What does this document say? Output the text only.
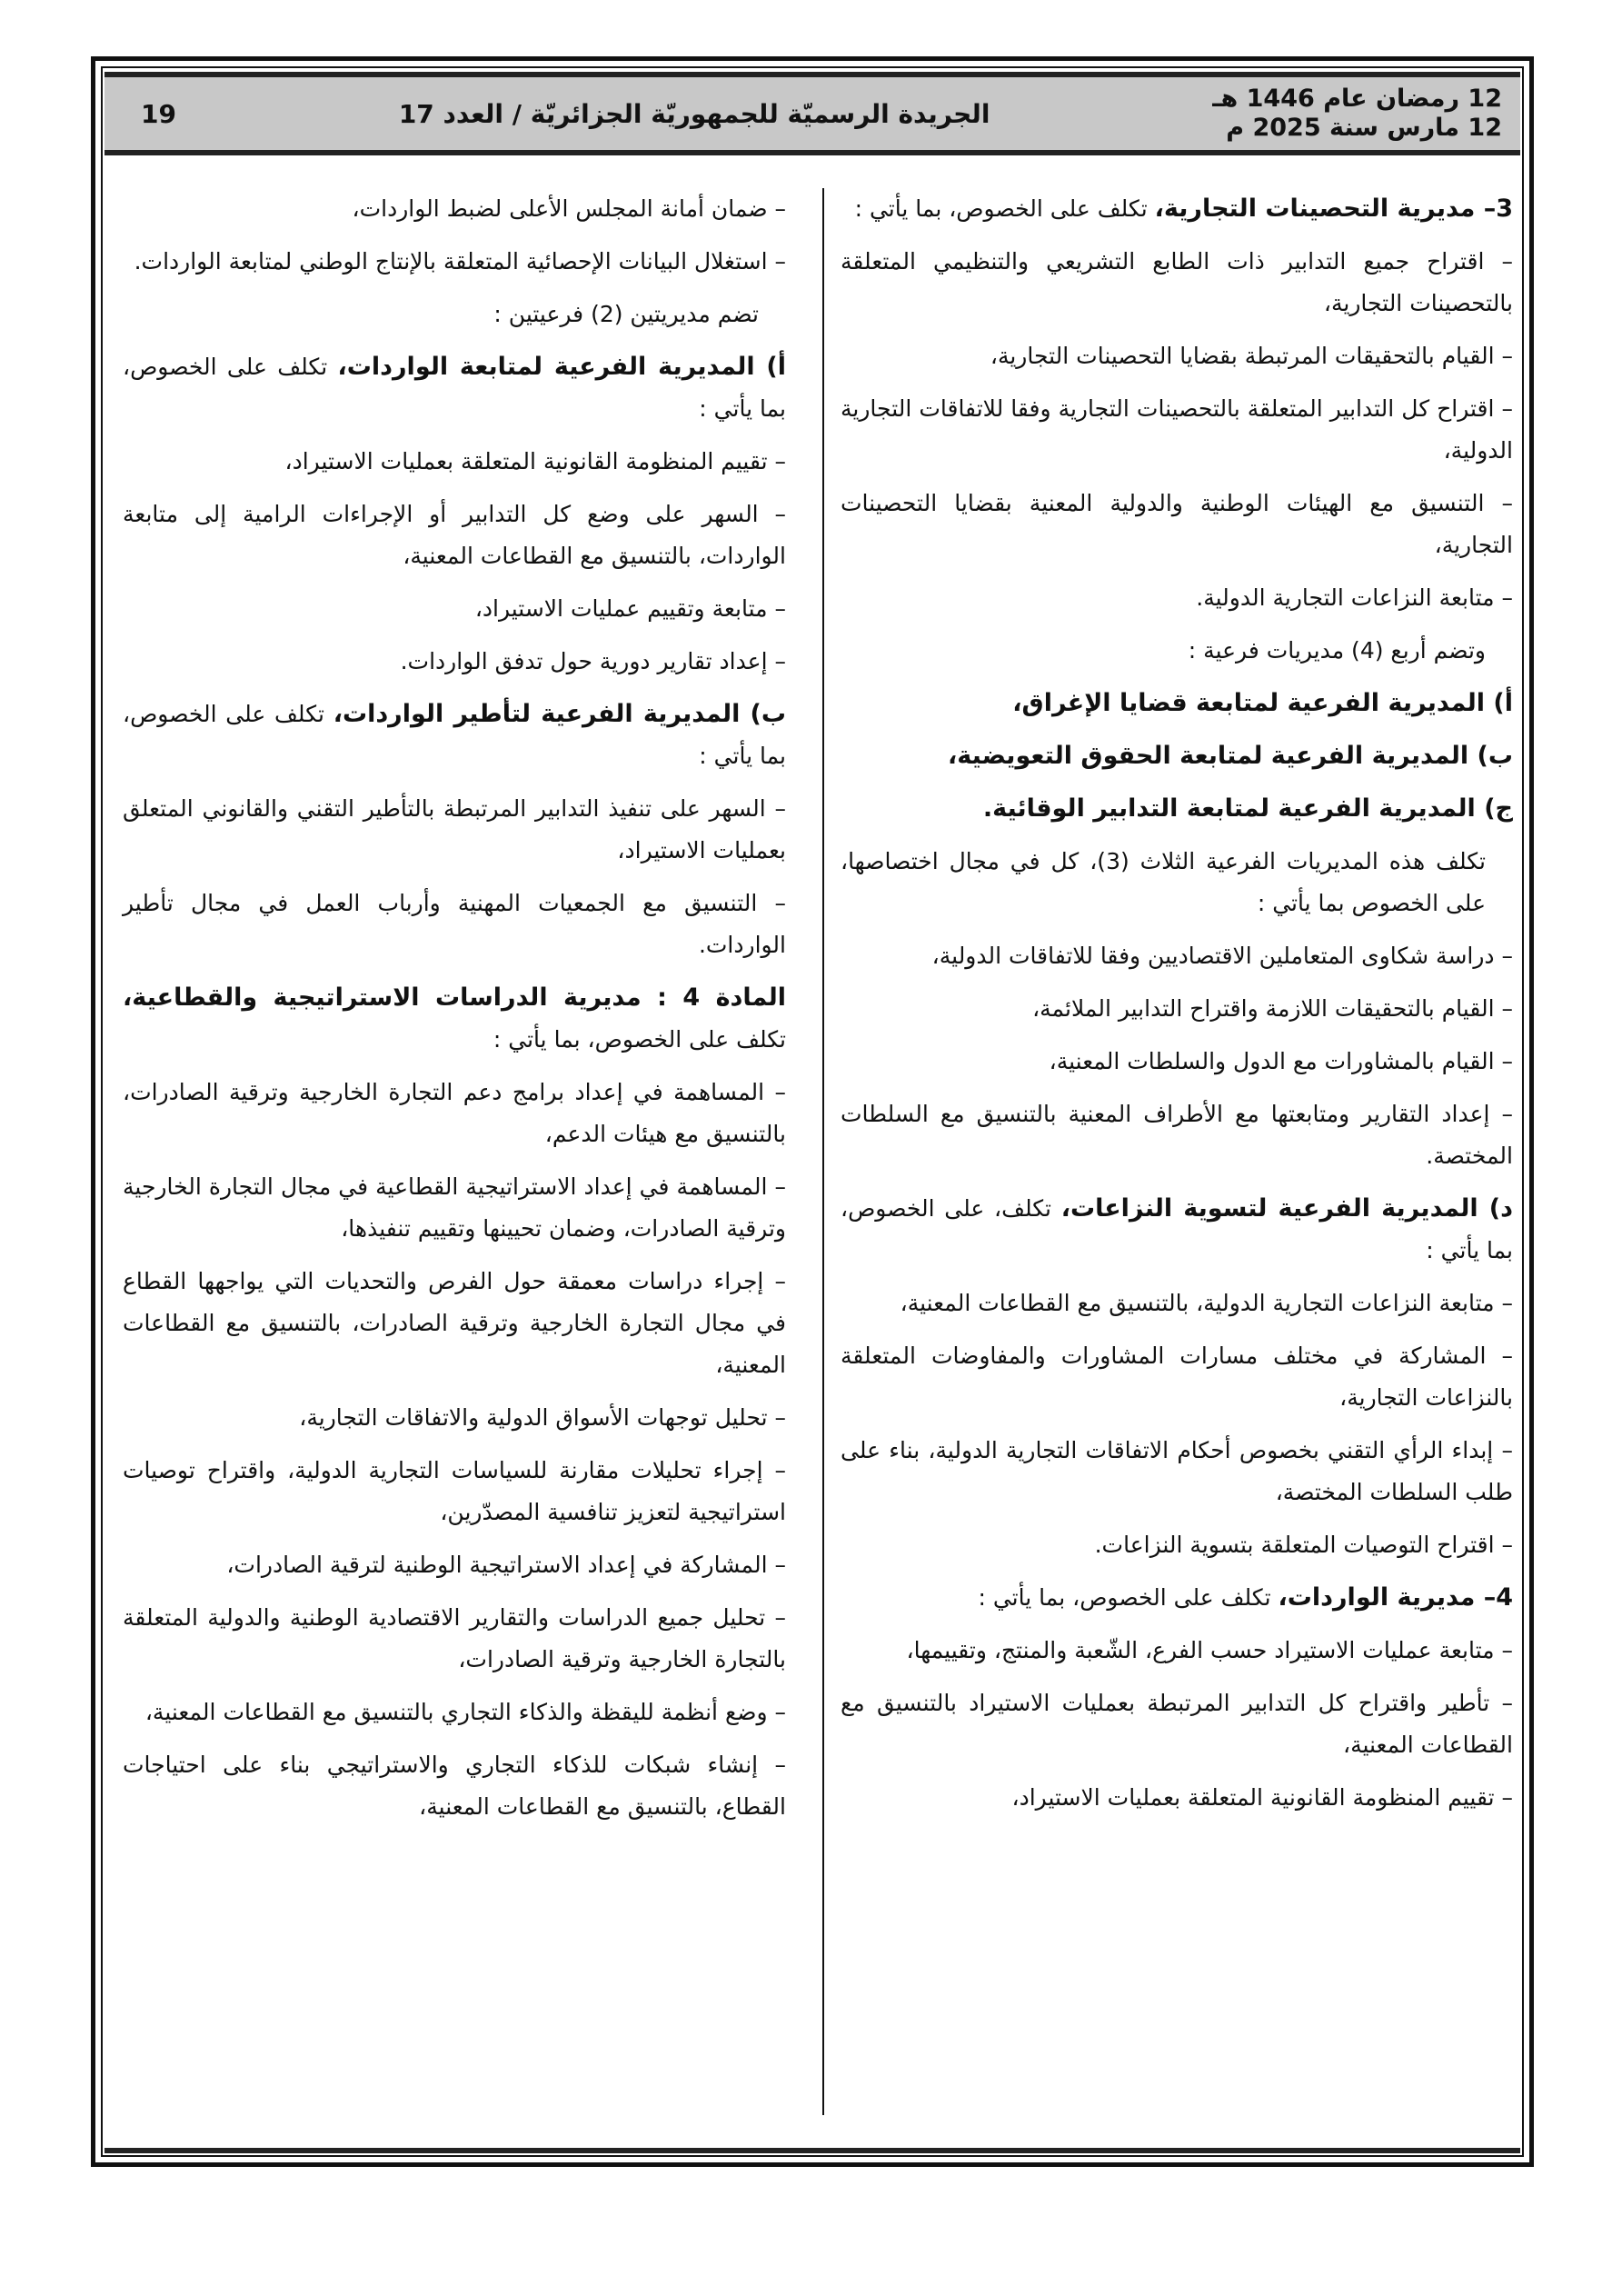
12 رمضان عام 1446 هـ
12 مارس سنة 2025 م
الجريدة الرسميّة للجمهوريّة الجزائريّة / العدد 17
19

3– مديرية التحصينات التجارية، تكلف على الخصوص، بما يأتي :

– اقتراح جميع التدابير ذات الطابع التشريعي والتنظيمي المتعلقة بالتحصينات التجارية،

– القيام بالتحقيقات المرتبطة بقضايا التحصينات التجارية،

– اقتراح كل التدابير المتعلقة بالتحصينات التجارية وفقا للاتفاقات التجارية الدولية،

– التنسيق مع الهيئات الوطنية والدولية المعنية بقضايا التحصينات التجارية،

– متابعة النزاعات التجارية الدولية.

وتضم أربع (4) مديريات فرعية :

أ) المديرية الفرعية لمتابعة قضايا الإغراق،

ب) المديرية الفرعية لمتابعة الحقوق التعويضية،

ج) المديرية الفرعية لمتابعة التدابير الوقائية.

تكلف هذه المديريات الفرعية الثلاث (3)، كل في مجال اختصاصها، على الخصوص بما يأتي :

– دراسة شكاوى المتعاملين الاقتصاديين وفقا للاتفاقات الدولية،

– القيام بالتحقيقات اللازمة واقتراح التدابير الملائمة،

– القيام بالمشاورات مع الدول والسلطات المعنية،

– إعداد التقارير ومتابعتها مع الأطراف المعنية بالتنسيق مع السلطات المختصة.

د) المديرية الفرعية لتسوية النزاعات، تكلف، على الخصوص، بما يأتي :

– متابعة النزاعات التجارية الدولية، بالتنسيق مع القطاعات المعنية،

– المشاركة في مختلف مسارات المشاورات والمفاوضات المتعلقة بالنزاعات التجارية،

– إبداء الرأي التقني بخصوص أحكام الاتفاقات التجارية الدولية، بناء على طلب السلطات المختصة،

– اقتراح التوصيات المتعلقة بتسوية النزاعات.

4– مديرية الواردات، تكلف على الخصوص، بما يأتي :

– متابعة عمليات الاستيراد حسب الفرع، الشّعبة والمنتج، وتقييمها،

– تأطير واقتراح كل التدابير المرتبطة بعمليات الاستيراد بالتنسيق مع القطاعات المعنية،

– تقييم المنظومة القانونية المتعلقة بعمليات الاستيراد،

– ضمان أمانة المجلس الأعلى لضبط الواردات،

– استغلال البيانات الإحصائية المتعلقة بالإنتاج الوطني لمتابعة الواردات.

تضم مديريتين (2) فرعيتين :

أ) المديرية الفرعية لمتابعة الواردات، تكلف على الخصوص، بما يأتي :

– تقييم المنظومة القانونية المتعلقة بعمليات الاستيراد،

– السهر على وضع كل التدابير أو الإجراءات الرامية إلى متابعة الواردات، بالتنسيق مع القطاعات المعنية،

– متابعة وتقييم عمليات الاستيراد،

– إعداد تقارير دورية حول تدفق الواردات.

ب) المديرية الفرعية لتأطير الواردات، تكلف على الخصوص، بما يأتي :

– السهر على تنفيذ التدابير المرتبطة بالتأطير التقني والقانوني المتعلق بعمليات الاستيراد،

– التنسيق مع الجمعيات المهنية وأرباب العمل في مجال تأطير الواردات.

المادة 4 : مديرية الدراسات الاستراتيجية والقطاعية، تكلف على الخصوص، بما يأتي :

– المساهمة في إعداد برامج دعم التجارة الخارجية وترقية الصادرات، بالتنسيق مع هيئات الدعم،

– المساهمة في إعداد الاستراتيجية القطاعية في مجال التجارة الخارجية وترقية الصادرات، وضمان تحيينها وتقييم تنفيذها،

– إجراء دراسات معمقة حول الفرص والتحديات التي يواجهها القطاع في مجال التجارة الخارجية وترقية الصادرات، بالتنسيق مع القطاعات المعنية،

– تحليل توجهات الأسواق الدولية والاتفاقات التجارية،

– إجراء تحليلات مقارنة للسياسات التجارية الدولية، واقتراح توصيات استراتيجية لتعزيز تنافسية المصدّرين،

– المشاركة في إعداد الاستراتيجية الوطنية لترقية الصادرات،

– تحليل جميع الدراسات والتقارير الاقتصادية الوطنية والدولية المتعلقة بالتجارة الخارجية وترقية الصادرات،

– وضع أنظمة لليقظة والذكاء التجاري بالتنسيق مع القطاعات المعنية،

– إنشاء شبكات للذكاء التجاري والاستراتيجي بناء على احتياجات القطاع، بالتنسيق مع القطاعات المعنية،
